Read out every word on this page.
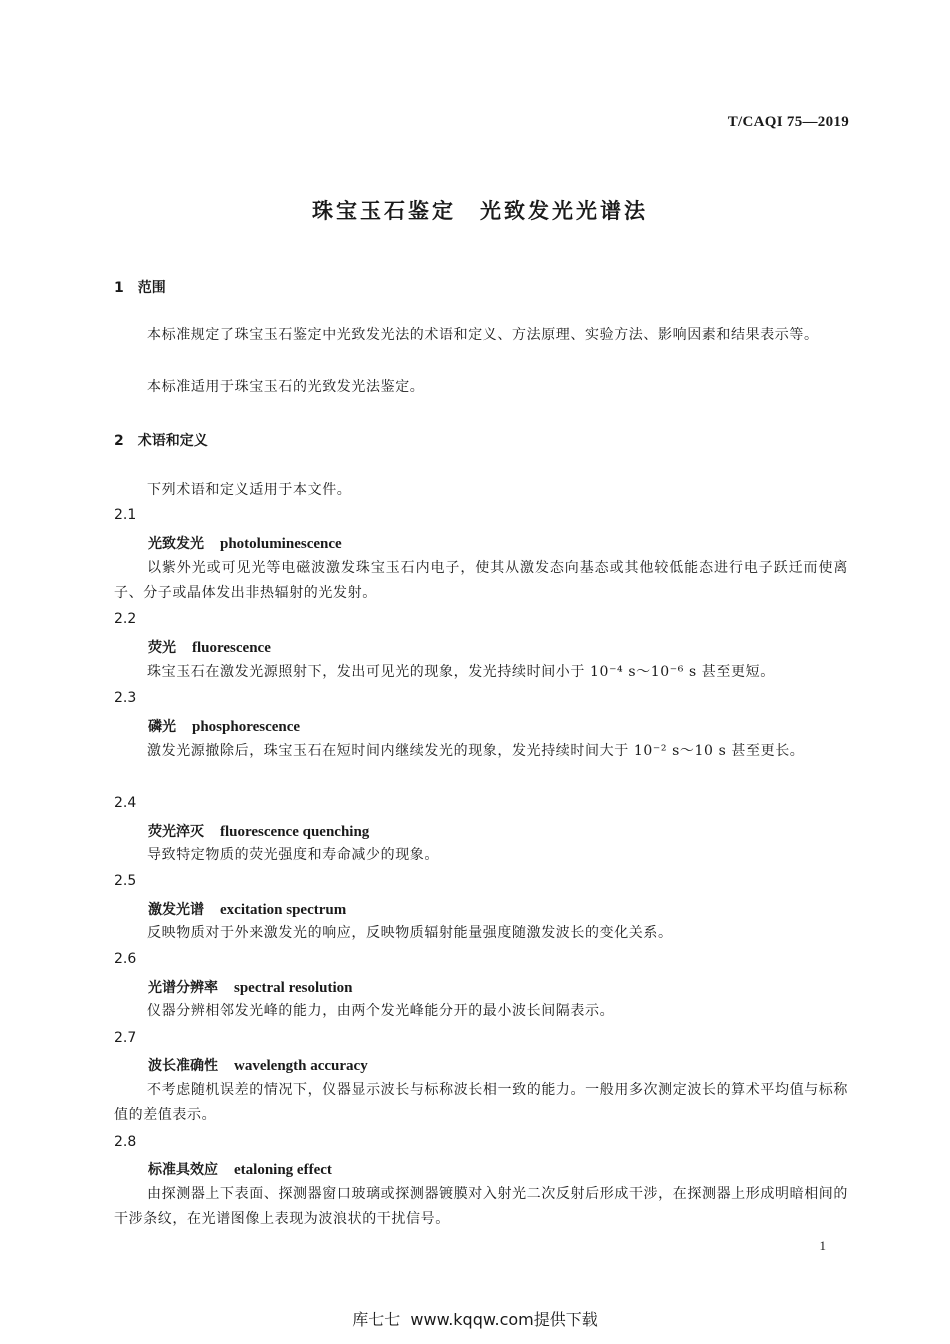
T/CAQI 75—2019
珠宝玉石鉴定　光致发光光谱法
1　范围
本标准规定了珠宝玉石鉴定中光致发光法的术语和定义、方法原理、实验方法、影响因素和结果表示等。
本标准适用于珠宝玉石的光致发光法鉴定。
2　术语和定义
下列术语和定义适用于本文件。
2.1
光致发光 photoluminescence
以紫外光或可见光等电磁波激发珠宝玉石内电子，使其从激发态向基态或其他较低能态进行电子跃迁而使离子、分子或晶体发出非热辐射的光发射。
2.2
荧光 fluorescence
珠宝玉石在激发光源照射下，发出可见光的现象，发光持续时间小于 10⁻⁴ s～10⁻⁶ s 甚至更短。
2.3
磷光 phosphorescence
激发光源撤除后，珠宝玉石在短时间内继续发光的现象，发光持续时间大于 10⁻² s～10 s 甚至更长。
2.4
荧光淬灭 fluorescence quenching
导致特定物质的荧光强度和寿命减少的现象。
2.5
激发光谱 excitation spectrum
反映物质对于外来激发光的响应，反映物质辐射能量强度随激发波长的变化关系。
2.6
光谱分辨率 spectral resolution
仪器分辨相邻发光峰的能力，由两个发光峰能分开的最小波长间隔表示。
2.7
波长准确性 wavelength accuracy
不考虑随机误差的情况下，仪器显示波长与标称波长相一致的能力。一般用多次测定波长的算术平均值与标称值的差值表示。
2.8
标准具效应 etaloning effect
由探测器上下表面、探测器窗口玻璃或探测器镀膜对入射光二次反射后形成干涉，在探测器上形成明暗相间的干涉条纹，在光谱图像上表现为波浪状的干扰信号。
1
库七七  www.kqqw.com提供下载
